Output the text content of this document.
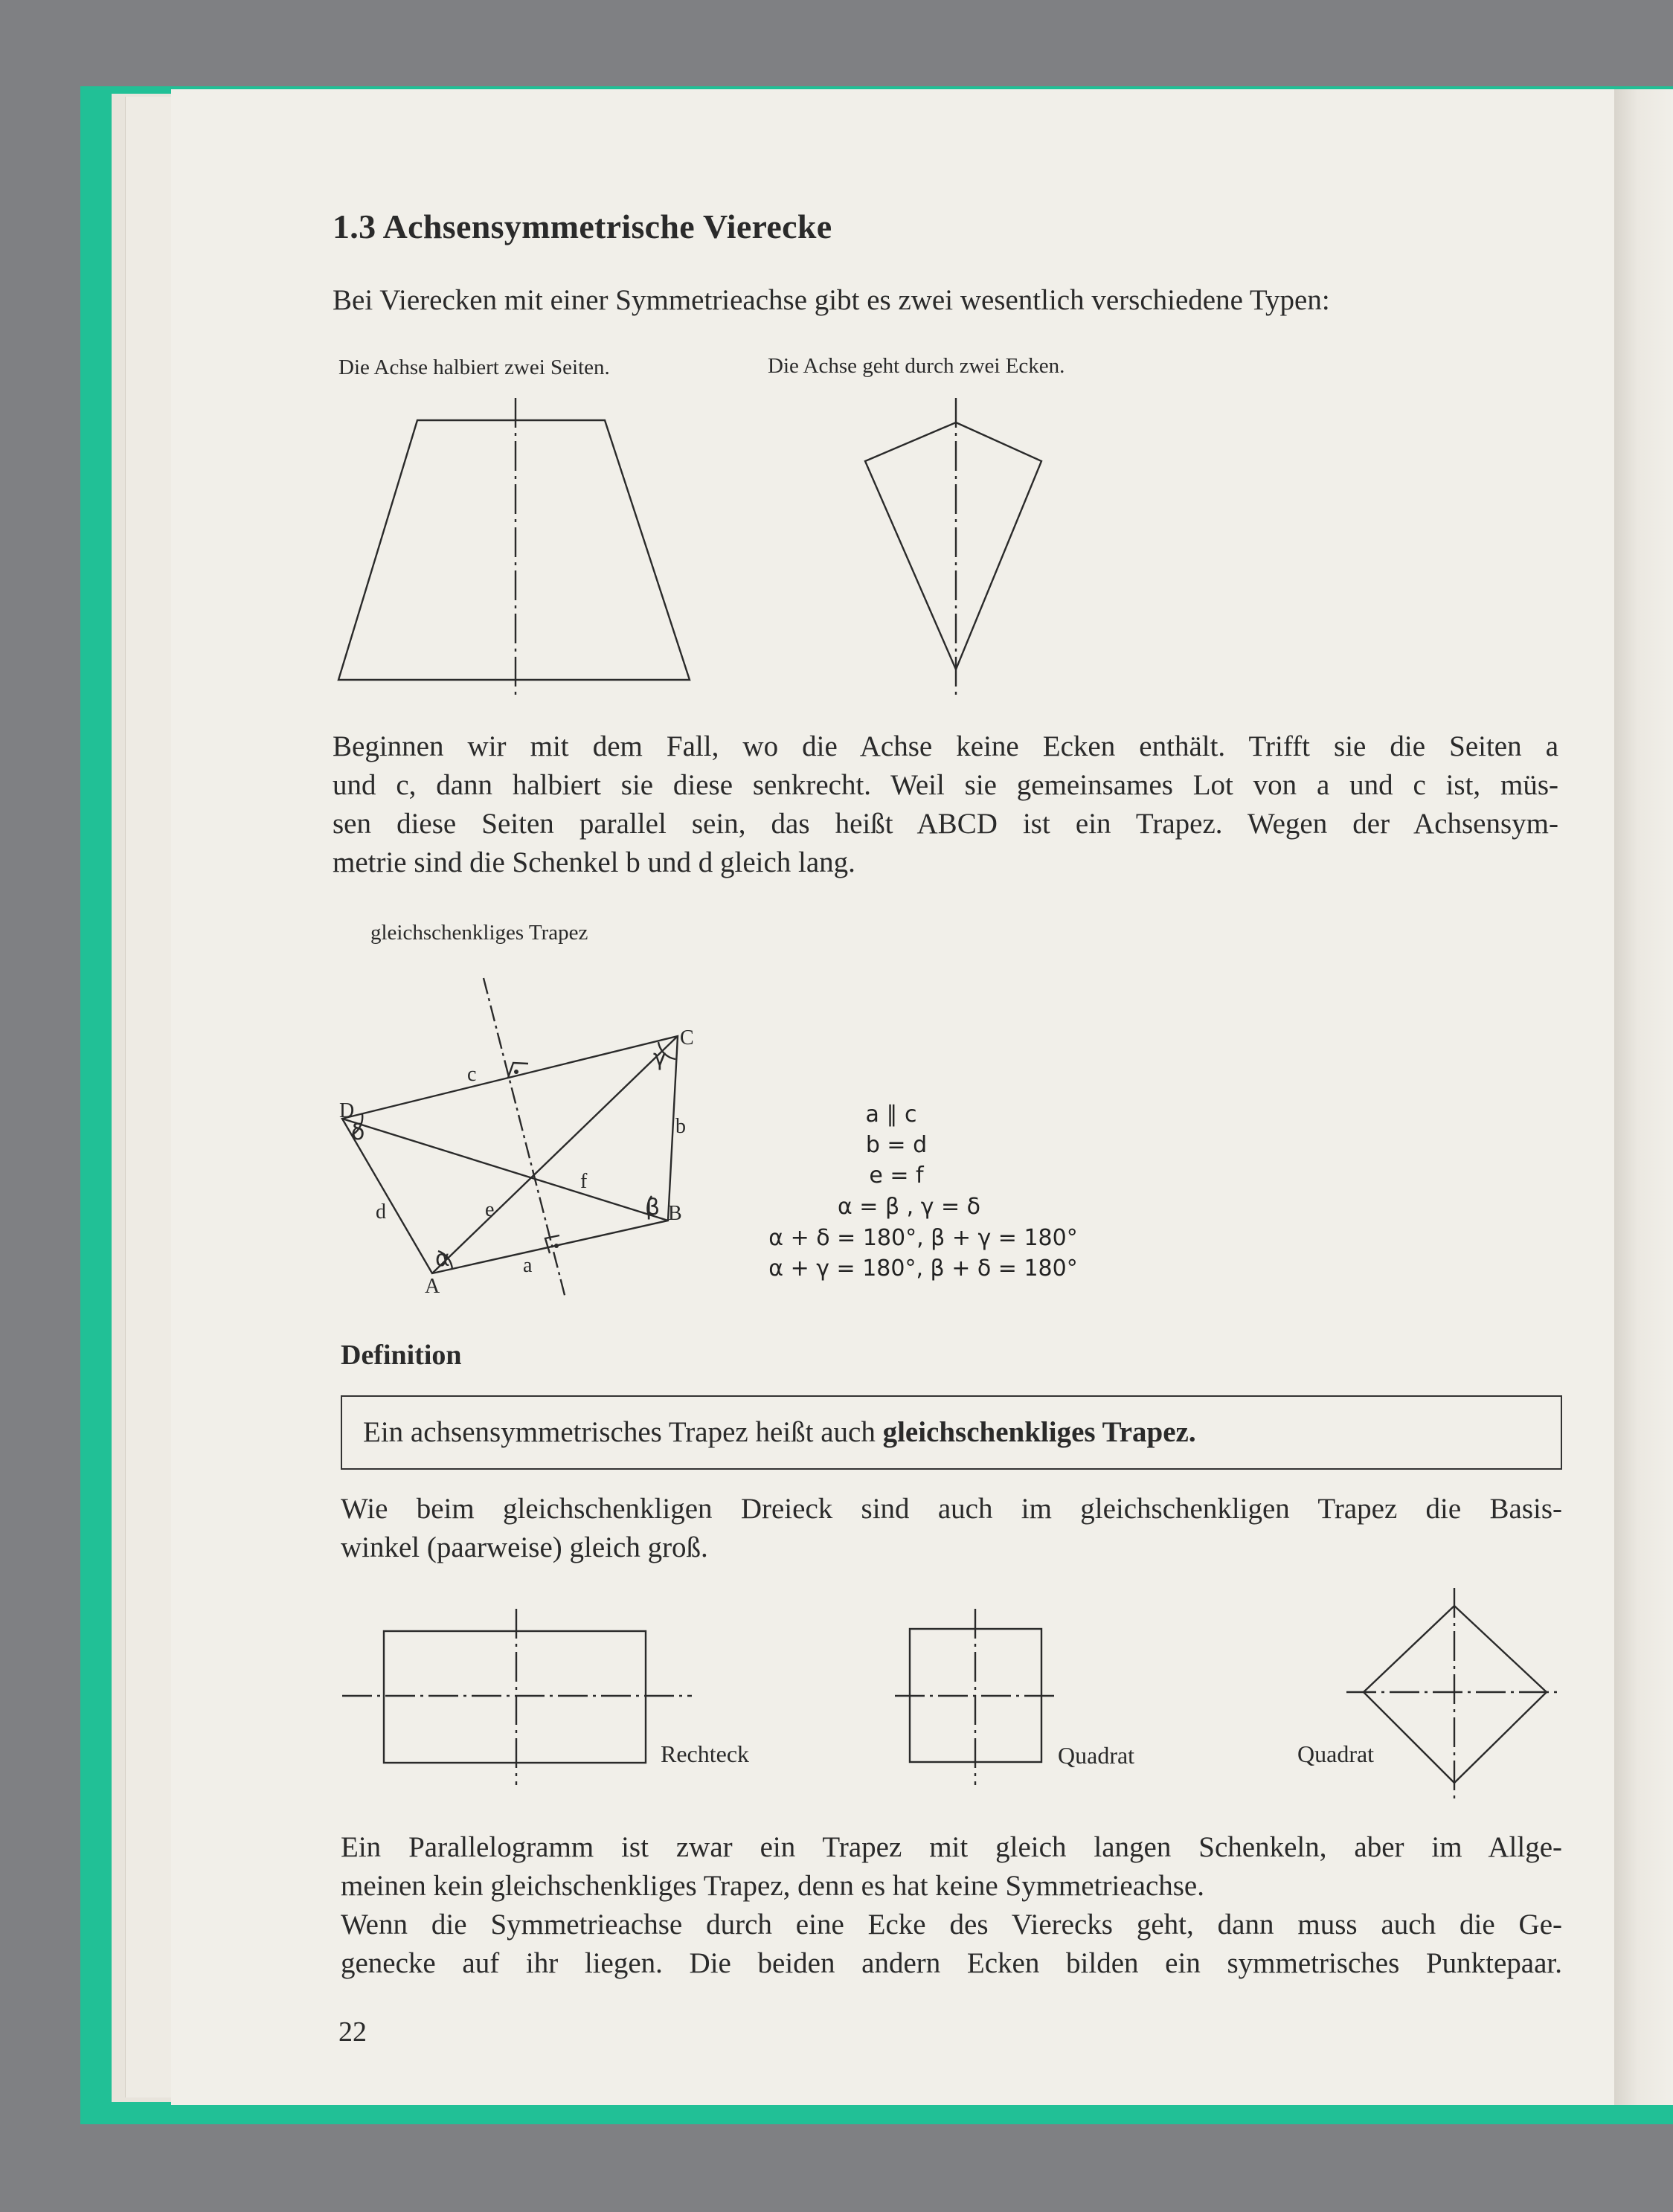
1.3 Achsensymmetrische Vierecke
Bei Vierecken mit einer Symmetrieachse gibt es zwei wesentlich verschiedene Typen:
Die Achse halbiert zwei Seiten.	Die Achse geht durch zwei Ecken.
Beginnen wir mit dem Fall, wo die Achse keine Ecken enthält. Trifft sie die Seiten a
und c, dann halbiert sie diese senkrecht. Weil sie gemeinsames Lot von a und c ist, müs-
sen diese Seiten parallel sein, das heißt ABCD ist ein Trapez. Wegen der Achsensym-
metrie sind die Schenkel b und d gleich lang.
gleichschenkliges Trapez
Definition
Ein achsensymmetrisches Trapez heißt auch gleichschenkliges Trapez.
Wie beim gleichschenkligen Dreieck sind auch im gleichschenkligen Trapez die Basis-
winkel (paarweise) gleich groß.
Ein Parallelogramm ist zwar ein Trapez mit gleich langen Schenkeln, aber im Allge-
meinen kein gleichschenkliges Trapez, denn es hat keine Symmetrieachse.
Wenn die Symmetrieachse durch eine Ecke des Vierecks geht, dann muss auch die Ge-
genecke auf ihr liegen. Die beiden andern Ecken bilden ein symmetrisches Punktepaar.
22
D
C
B
A
c
b
d
a
e
f
α
β
γ
δ
a ∥ c
b = d
e = f
α = β , γ = δ
α + δ = 180°, β + γ = 180°
α + γ = 180°, β + δ = 180°
Rechteck	Quadrat	Quadrat
